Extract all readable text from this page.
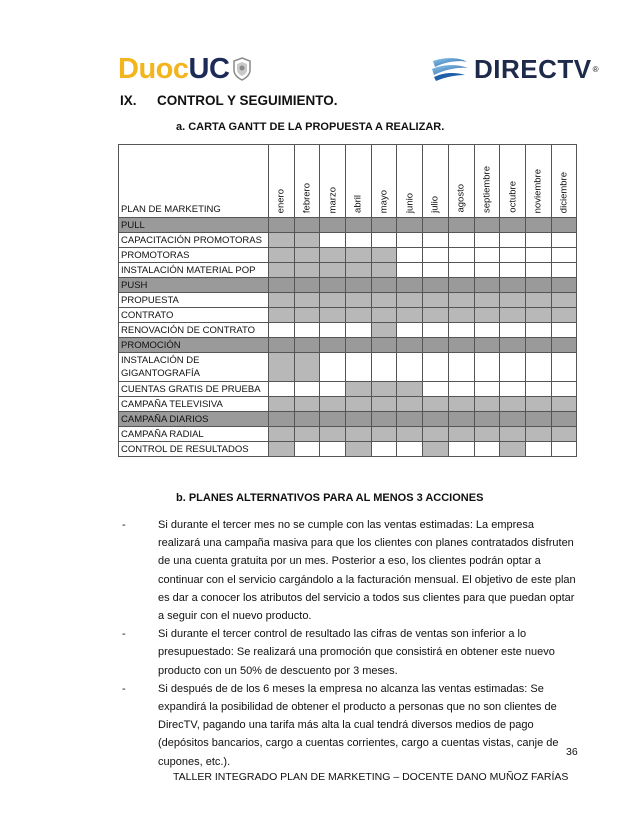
Duoc UC	DIRECTV ®
IX. CONTROL Y SEGUIMIENTO.
a. CARTA GANTT DE LA PROPUESTA A REALIZAR.
PLAN DE MARKETING	enero	febrero	marzo	abril	mayo	junio	julio	agosto	septiembre	octubre	noviembre	diciembre

PULL												
CAPACITACIÓN PROMOTORAS												
PROMOTORAS												
INSTALACIÓN MATERIAL POP												
PUSH												
PROPUESTA												
CONTRATO												
RENOVACIÓN DE CONTRATO												
PROMOCIÓN												
INSTALACIÓN DE GIGANTOGRAFÍA												
CUENTAS GRATIS DE PRUEBA												
CAMPAÑA TELEVISIVA												
CAMPAÑA DIARIOS												
CAMPAÑA RADIAL												
CONTROL DE RESULTADOS												
b. PLANES ALTERNATIVOS PARA AL MENOS 3 ACCIONES
-	Si durante el tercer mes no se cumple con las ventas estimadas: La empresa realizará una campaña masiva para que los clientes con planes contratados disfruten de una cuenta gratuita por un mes. Posterior a eso, los clientes podrán optar a continuar con el servicio cargándolo a la facturación mensual. El objetivo de este plan es dar a conocer los atributos del servicio a todos sus clientes para que puedan optar a seguir con el nuevo producto.
-	Si durante el tercer control de resultado las cifras de ventas son inferior a lo presupuestado: Se realizará una promoción que consistirá en obtener este nuevo producto con un 50% de descuento por 3 meses.
-	Si después de de los 6 meses la empresa no alcanza las ventas estimadas: Se expandirá la posibilidad de obtener el producto a personas que no son clientes de DirecTV, pagando una tarifa más alta la cual tendrá diversos medios de pago (depósitos bancarios, cargo a cuentas corrientes, cargo a cuentas vistas, canje de cupones, etc.).
36
TALLER INTEGRADO PLAN DE MARKETING – DOCENTE DANO MUÑOZ FARÍAS
